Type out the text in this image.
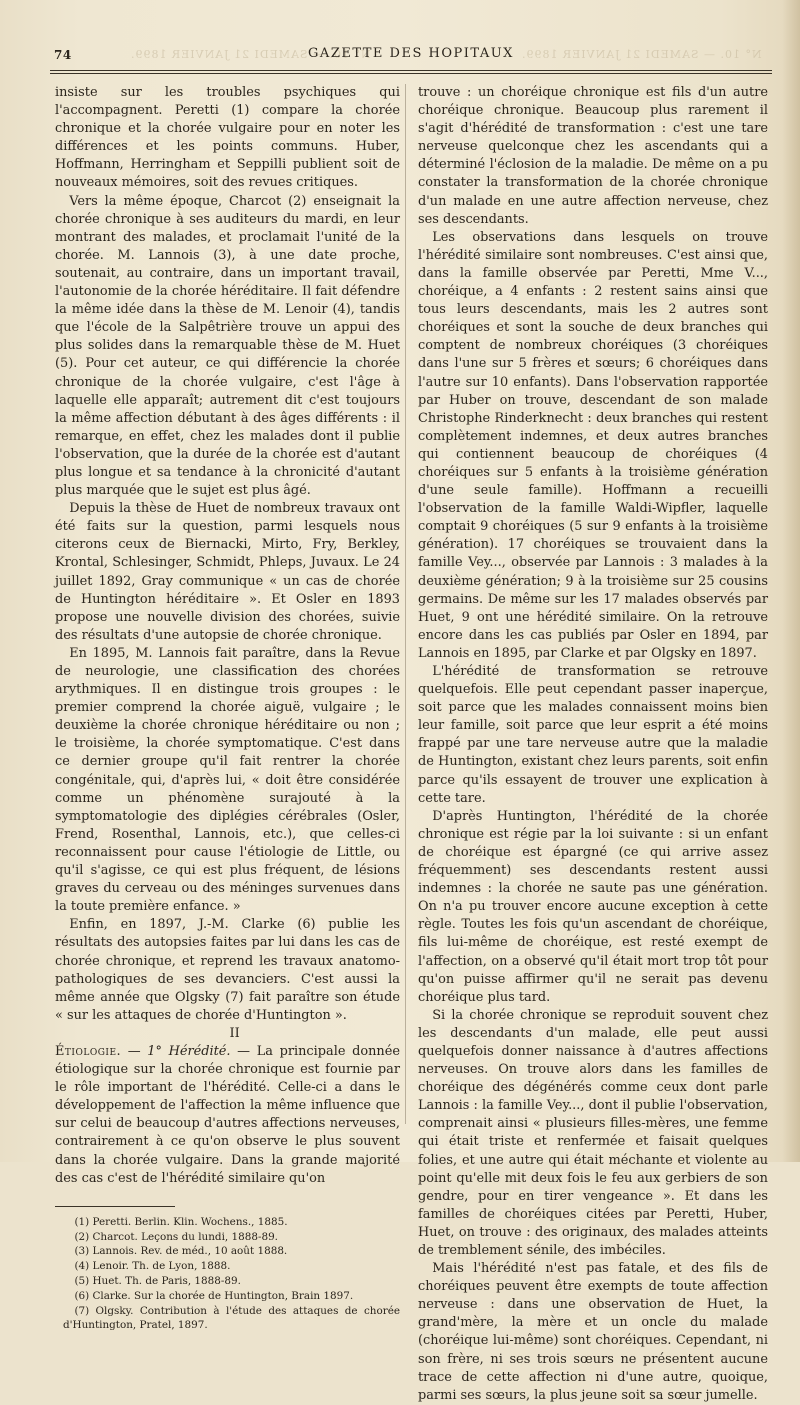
74	N° 10. — SAMEDI 21 JANVIER 1899.
GAZETTE DES HOPITAUX N° 10. — SAMEDI 21 JANVIER 1899.

insiste sur les troubles psychiques qui l'accompagnent. Peretti (1) compare la chorée chronique et la chorée vulgaire pour en noter les différences et les points communs. Huber, Hoffmann, Herringham et Seppilli publient soit de nouveaux mémoires, soit des revues critiques.

Vers la même époque, Charcot (2) enseignait la chorée chronique à ses auditeurs du mardi, en leur montrant des malades, et proclamait l'unité de la chorée. M. Lannois (3), à une date proche, soutenait, au contraire, dans un important travail, l'autonomie de la chorée héréditaire. Il fait défendre la même idée dans la thèse de M. Lenoir (4), tandis que l'école de la Salpêtrière trouve un appui des plus solides dans la remarquable thèse de M. Huet (5). Pour cet auteur, ce qui différencie la chorée chronique de la chorée vulgaire, c'est l'âge à laquelle elle apparaît; autrement dit c'est toujours la même affection débutant à des âges différents : il remarque, en effet, chez les malades dont il publie l'observation, que la durée de la chorée est d'autant plus longue et sa tendance à la chronicité d'autant plus marquée que le sujet est plus âgé.

Depuis la thèse de Huet de nombreux travaux ont été faits sur la question, parmi lesquels nous citerons ceux de Biernacki, Mirto, Fry, Berkley, Krontal, Schlesinger, Schmidt, Phleps, Juvaux. Le 24 juillet 1892, Gray communique « un cas de chorée de Huntington héréditaire ». Et Osler en 1893 propose une nouvelle division des chorées, suivie des résultats d'une autopsie de chorée chronique.

En 1895, M. Lannois fait paraître, dans la Revue de neurologie, une classification des chorées arythmiques. Il en distingue trois groupes : le premier comprend la chorée aiguë, vulgaire ; le deuxième la chorée chronique héréditaire ou non ; le troisième, la chorée symptomatique. C'est dans ce dernier groupe qu'il fait rentrer la chorée congénitale, qui, d'après lui, « doit être considérée comme un phénomène surajouté à la symptomatologie des diplégies cérébrales (Osler, Frend, Rosenthal, Lannois, etc.), que celles-ci reconnaissent pour cause l'étiologie de Little, ou qu'il s'agisse, ce qui est plus fréquent, de lésions graves du cerveau ou des méninges survenues dans la toute première enfance. »

Enfin, en 1897, J.-M. Clarke (6) publie les résultats des autopsies faites par lui dans les cas de chorée chronique, et reprend les travaux anatomo-pathologiques de ses devanciers. C'est aussi la même année que Olgsky (7) fait paraître son étude « sur les attaques de chorée d'Huntington ».

II

Étiologie. — 1° Hérédité. — La principale donnée étiologique sur la chorée chronique est fournie par le rôle important de l'hérédité. Celle-ci a dans le développement de l'affection la même influence que sur celui de beaucoup d'autres affections nerveuses, contrairement à ce qu'on observe le plus souvent dans la chorée vulgaire. Dans la grande majorité des cas c'est de l'hérédité similaire qu'on

(1) Peretti. Berlin. Klin. Wochens., 1885.

(2) Charcot. Leçons du lundi, 1888-89.

(3) Lannois. Rev. de méd., 10 août 1888.

(4) Lenoir. Th. de Lyon, 1888.

(5) Huet. Th. de Paris, 1888-89.

(6) Clarke. Sur la chorée de Huntington, Brain 1897.

(7) Olgsky. Contribution à l'étude des attaques de chorée d'Huntington, Pratel, 1897.

trouve : un choréique chronique est fils d'un autre choréique chronique. Beaucoup plus rarement il s'agit d'hérédité de transformation : c'est une tare nerveuse quelconque chez les ascendants qui a déterminé l'éclosion de la maladie. De même on a pu constater la transformation de la chorée chronique d'un malade en une autre affection nerveuse, chez ses descendants.

Les observations dans lesquels on trouve l'hérédité similaire sont nombreuses. C'est ainsi que, dans la famille observée par Peretti, Mme V..., choréique, a 4 enfants : 2 restent sains ainsi que tous leurs descendants, mais les 2 autres sont choréiques et sont la souche de deux branches qui comptent de nombreux choréiques (3 choréiques dans l'une sur 5 frères et sœurs; 6 choréiques dans l'autre sur 10 enfants). Dans l'observation rapportée par Huber on trouve, descendant de son malade Christophe Rinderknecht : deux branches qui restent complètement indemnes, et deux autres branches qui contiennent beaucoup de choréiques (4 choréiques sur 5 enfants à la troisième génération d'une seule famille). Hoffmann a recueilli l'observation de la famille Waldi-Wipfler, laquelle comptait 9 choréiques (5 sur 9 enfants à la troisième génération). 17 choréiques se trouvaient dans la famille Vey..., observée par Lannois : 3 malades à la deuxième génération; 9 à la troisième sur 25 cousins germains. De même sur les 17 malades observés par Huet, 9 ont une hérédité similaire. On la retrouve encore dans les cas publiés par Osler en 1894, par Lannois en 1895, par Clarke et par Olgsky en 1897.

L'hérédité de transformation se retrouve quelquefois. Elle peut cependant passer inaperçue, soit parce que les malades connaissent moins bien leur famille, soit parce que leur esprit a été moins frappé par une tare nerveuse autre que la maladie de Huntington, existant chez leurs parents, soit enfin parce qu'ils essayent de trouver une explication à cette tare.

D'après Huntington, l'hérédité de la chorée chronique est régie par la loi suivante : si un enfant de choréique est épargné (ce qui arrive assez fréquemment) ses descendants restent aussi indemnes : la chorée ne saute pas une génération. On n'a pu trouver encore aucune exception à cette règle. Toutes les fois qu'un ascendant de choréique, fils lui-même de choréique, est resté exempt de l'affection, on a observé qu'il était mort trop tôt pour qu'on puisse affirmer qu'il ne serait pas devenu choréique plus tard.

Si la chorée chronique se reproduit souvent chez les descendants d'un malade, elle peut aussi quelquefois donner naissance à d'autres affections nerveuses. On trouve alors dans les familles de choréique des dégénérés comme ceux dont parle Lannois : la famille Vey..., dont il publie l'observation, comprenait ainsi « plusieurs filles-mères, une femme qui était triste et renfermée et faisait quelques folies, et une autre qui était méchante et violente au point qu'elle mit deux fois le feu aux gerbiers de son gendre, pour en tirer vengeance ». Et dans les familles de choréiques citées par Peretti, Huber, Huet, on trouve : des originaux, des malades atteints de tremblement sénile, des imbéciles.

Mais l'hérédité n'est pas fatale, et des fils de choréiques peuvent être exempts de toute affection nerveuse : dans une observation de Huet, la grand'mère, la mère et un oncle du malade (choréique lui-même) sont choréiques. Cependant, ni son frère, ni ses trois sœurs ne présentent aucune trace de cette affection ni d'une autre, quoique, parmi ses sœurs, la plus jeune soit sa sœur jumelle.
